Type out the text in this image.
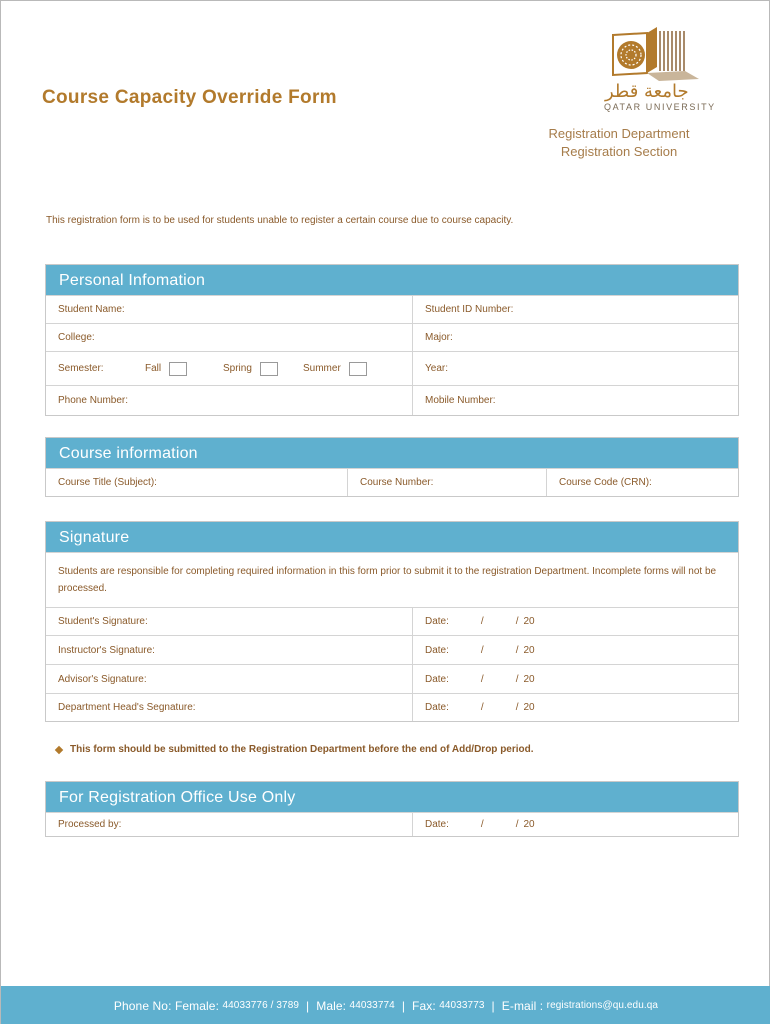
Course Capacity Override Form	جامعة قطر
QATAR UNIVERSITY
Registration Department
Registration Section
This registration form is to be used for students unable to register a certain course due to course capacity.
Personal Infomation
Student Name:	Student ID Number:
College:	Major:
Semester:	Fall	Spring	Summer	Year:
Phone Number:	Mobile Number:
Course information
Course Title (Subject):	Course Number:	Course Code (CRN):
Signature
Students are responsible for completing required information in this form prior to submit it to the registration Department. Incomplete forms will not be processed.
Student's Signature:	Date:	/	/ 20
Instructor's Signature:	Date:	/	/ 20
Advisor's Signature:	Date:	/	/ 20
Department Head's Segnature:	Date:	/	/ 20
This form should be submitted to the Registration Department before the end of Add/Drop period.
For Registration Office Use Only
Processed by:	Date:	/	/ 20
Phone No:
Female:
44033776 / 3789 | Male:
44033774 | Fax:
44033773 | E-mail :
registrations@qu.edu.qa
